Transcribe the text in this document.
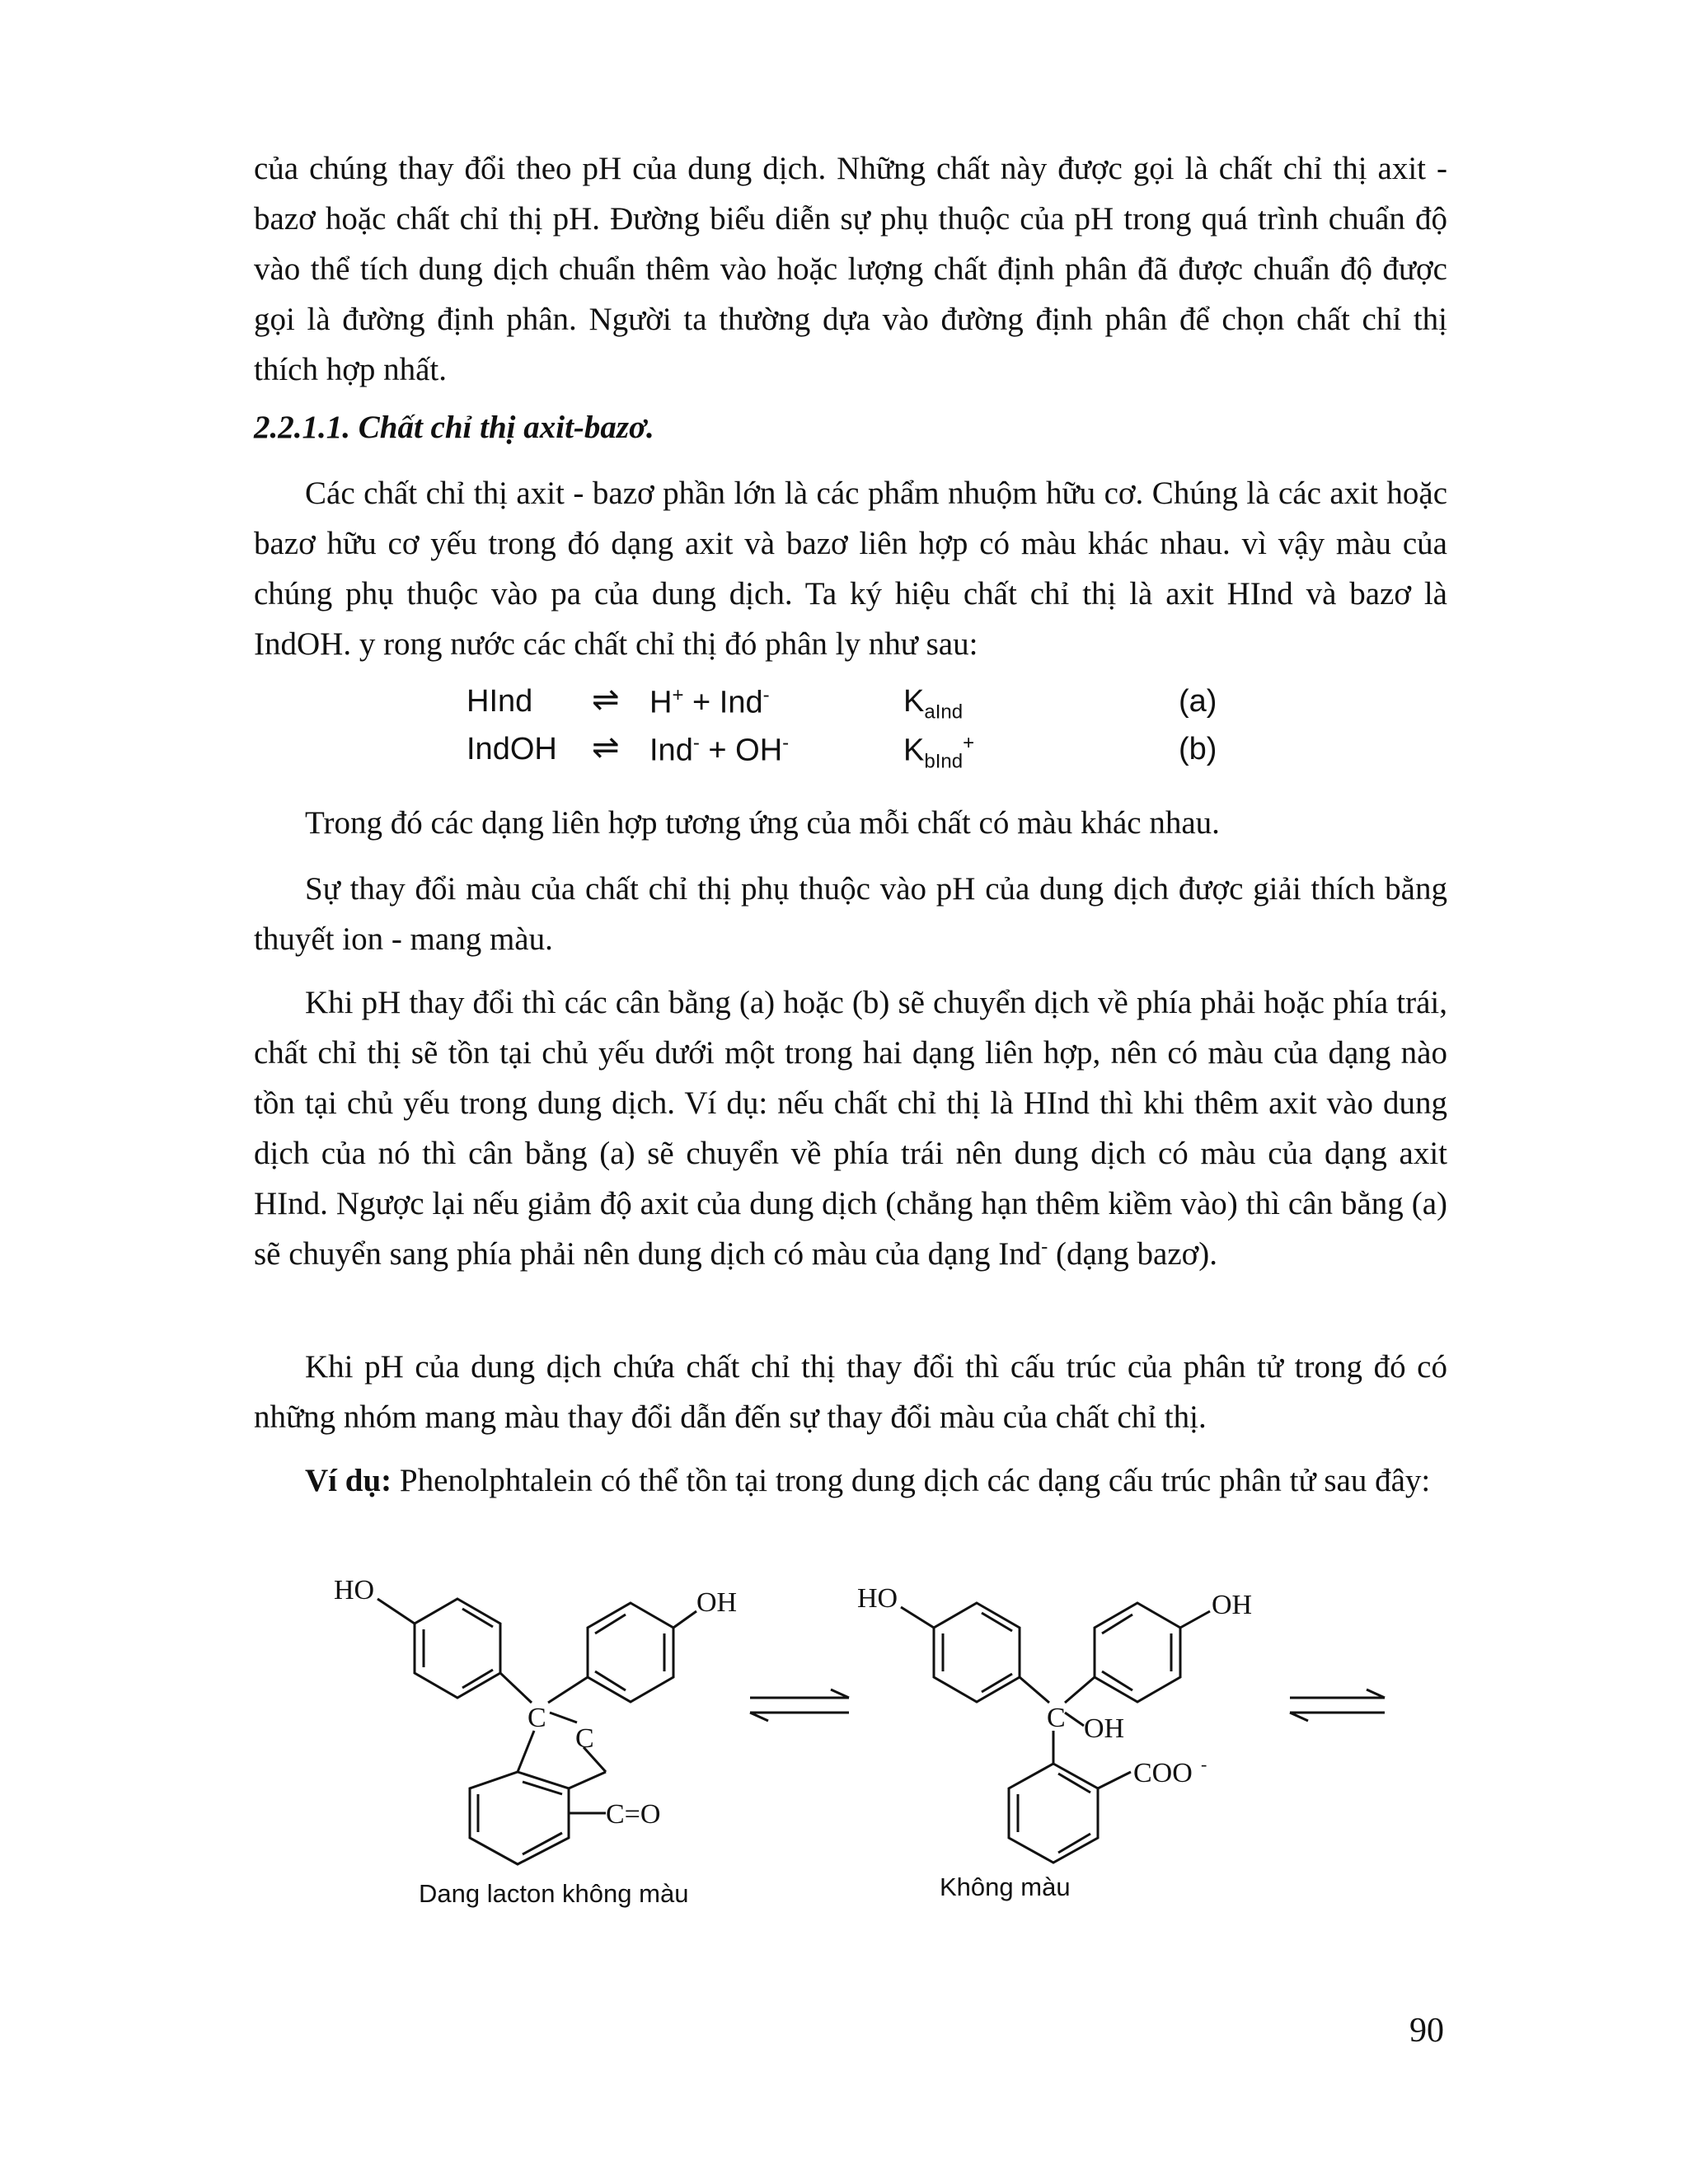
của chúng thay đổi theo pH của dung dịch. Những chất này được gọi là chất chỉ thị axit - bazơ hoặc chất chỉ thị pH. Đường biểu diễn sự phụ thuộc của pH trong quá trình chuẩn độ vào thể tích dung dịch chuẩn thêm vào hoặc lượng chất định phân đã được chuẩn độ được gọi là đường định phân. Người ta thường dựa vào đường định phân để chọn chất chỉ thị thích hợp nhất.

2.2.1.1. Chất chỉ thị axit-bazơ.

Các chất chỉ thị axit - bazơ phần lớn là các phẩm nhuộm hữu cơ. Chúng là các axit hoặc bazơ hữu cơ yếu trong đó dạng axit và bazơ liên hợp có màu khác nhau. vì vậy màu của chúng phụ thuộc vào pa của dung dịch. Ta ký hiệu chất chỉ thị là axit HInd và bazơ là IndOH. y rong nước các chất chỉ thị đó phân ly như sau:

HInd ⇌ H+ + Ind-	$K_{aInd}$	(a)
IndOH ⇌ Ind- + OH-	$K_{bInd}^+$	(b)

Trong đó các dạng liên hợp tương ứng của mỗi chất có màu khác nhau.

Sự thay đổi màu của chất chỉ thị phụ thuộc vào pH của dung dịch được giải thích bằng thuyết ion - mang màu.

Khi pH thay đổi thì các cân bằng (a) hoặc (b) sẽ chuyển dịch về phía phải hoặc phía trái, chất chỉ thị sẽ tồn tại chủ yếu dưới một trong hai dạng liên hợp, nên có màu của dạng nào tồn tại chủ yếu trong dung dịch. Ví dụ: nếu chất chỉ thị là HInd thì khi thêm axit vào dung dịch của nó thì cân bằng (a) sẽ chuyển về phía trái nên dung dịch có màu của dạng axit HInd. Ngược lại nếu giảm độ axit của dung dịch (chẳng hạn thêm kiềm vào) thì cân bằng (a) sẽ chuyển sang phía phải nên dung dịch có màu của dạng Ind- (dạng bazơ).

Khi pH của dung dịch chứa chất chỉ thị thay đổi thì cấu trúc của phân tử trong đó có những nhóm mang màu thay đổi dẫn đến sự thay đổi màu của chất chỉ thị.

Ví dụ: Phenolphtalein có thể tồn tại trong dung dịch các dạng cấu trúc phân tử sau đây:

HO	OH
C
C
C=O
HO	OH
C OH
COO -
Dang lacton không màu	Không màu
90
